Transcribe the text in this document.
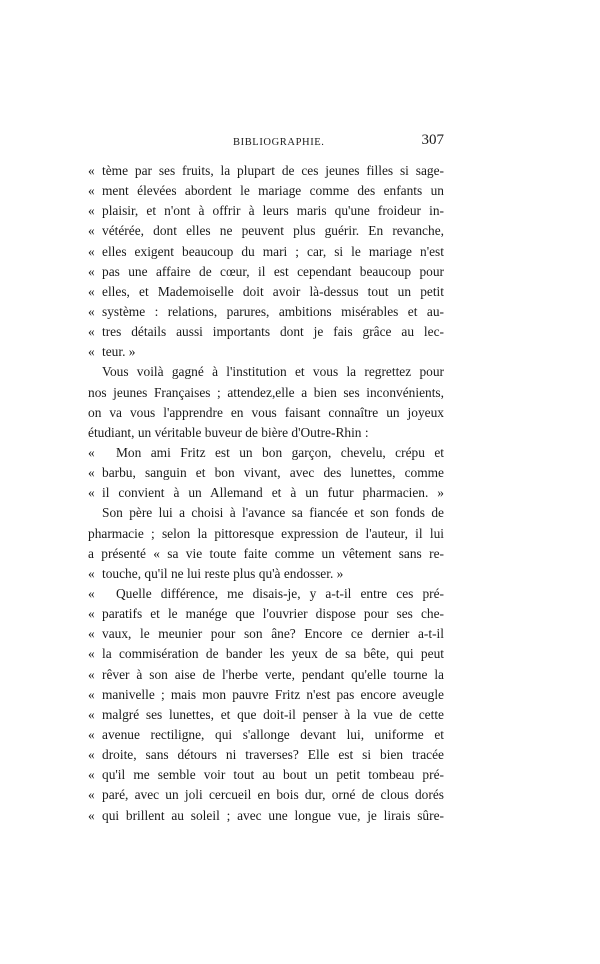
BIBLIOGRAPHIE.	307
« tème par ses fruits, la plupart de ces jeunes filles si sage-
« ment élevées abordent le mariage comme des enfants un
« plaisir, et n'ont à offrir à leurs maris qu'une froideur in-
« vétérée, dont elles ne peuvent plus guérir. En revanche,
« elles exigent beaucoup du mari ; car, si le mariage n'est
« pas une affaire de cœur, il est cependant beaucoup pour
« elles, et Mademoiselle doit avoir là-dessus tout un petit
« système : relations, parures, ambitions misérables et au-
« tres détails aussi importants dont je fais grâce au lec-
« teur. »
Vous voilà gagné à l'institution et vous la regrettez pour
nos jeunes Françaises ; attendez,elle a bien ses inconvénients,
on va vous l'apprendre en vous faisant connaître un joyeux
étudiant, un véritable buveur de bière d'Outre-Rhin :
« Mon ami Fritz est un bon garçon, chevelu, crépu et
« barbu, sanguin et bon vivant, avec des lunettes, comme
« il convient à un Allemand et à un futur pharmacien. »
Son père lui a choisi à l'avance sa fiancée et son fonds de
pharmacie ; selon la pittoresque expression de l'auteur, il lui
a présenté « sa vie toute faite comme un vêtement sans re-
« touche, qu'il ne lui reste plus qu'à endosser. »
« Quelle différence, me disais-je, y a-t-il entre ces pré-
« paratifs et le manége que l'ouvrier dispose pour ses che-
« vaux, le meunier pour son âne? Encore ce dernier a-t-il
« la commisération de bander les yeux de sa bête, qui peut
« rêver à son aise de l'herbe verte, pendant qu'elle tourne la
« manivelle ; mais mon pauvre Fritz n'est pas encore aveugle
« malgré ses lunettes, et que doit-il penser à la vue de cette
« avenue rectiligne, qui s'allonge devant lui, uniforme et
« droite, sans détours ni traverses? Elle est si bien tracée
« qu'il me semble voir tout au bout un petit tombeau pré-
« paré, avec un joli cercueil en bois dur, orné de clous dorés
« qui brillent au soleil ; avec une longue vue, je lirais sûre-
